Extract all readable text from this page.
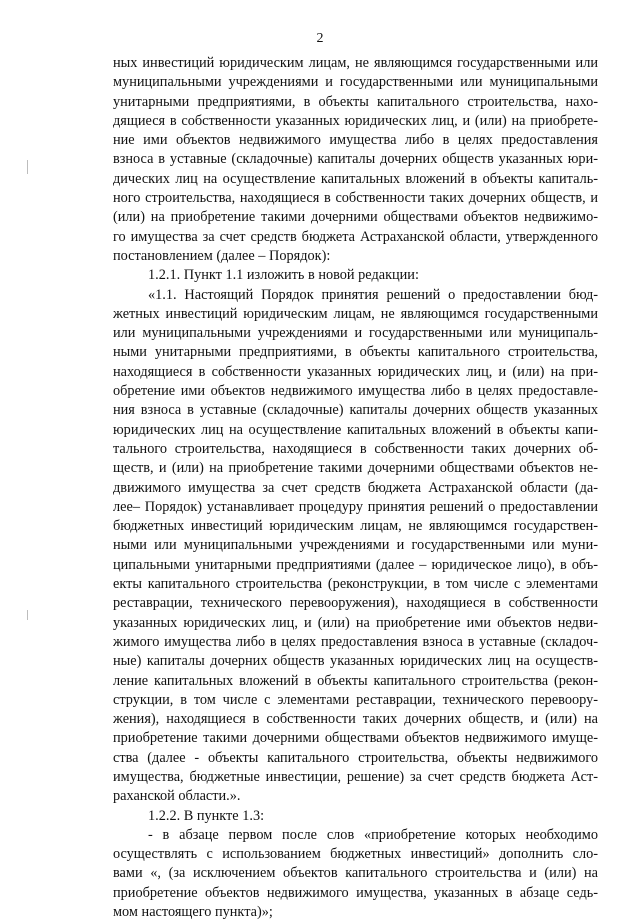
2
ных инвестиций юридическим лицам, не являющимся государственными или
муниципальными учреждениями и государственными или муниципальными
унитарными предприятиями, в объекты капитального строительства, нахо-
дящиеся в собственности указанных юридических лиц, и (или) на приобрете-
ние ими объектов недвижимого имущества либо в целях предоставления
взноса в уставные (складочные) капиталы дочерних обществ указанных юри-
дических лиц на осуществление капитальных вложений в объекты капиталь-
ного строительства, находящиеся в собственности таких дочерних обществ, и
(или) на приобретение такими дочерними обществами объектов недвижимо-
го имущества за счет средств бюджета Астраханской области, утвержденного
постановлением (далее – Порядок):
1.2.1. Пункт 1.1 изложить в новой редакции:
«1.1. Настоящий Порядок принятия решений о предоставлении бюд-
жетных инвестиций юридическим лицам, не являющимся государственными
или муниципальными учреждениями и государственными или муниципаль-
ными унитарными предприятиями, в объекты капитального строительства,
находящиеся в собственности указанных юридических лиц, и (или) на при-
обретение ими объектов недвижимого имущества либо в целях предоставле-
ния взноса в уставные (складочные) капиталы дочерних обществ указанных
юридических лиц на осуществление капитальных вложений в объекты капи-
тального строительства, находящиеся в собственности таких дочерних об-
ществ, и (или) на приобретение такими дочерними обществами объектов не-
движимого имущества за счет средств бюджета Астраханской области (да-
лее– Порядок) устанавливает процедуру принятия решений о предоставлении
бюджетных инвестиций юридическим лицам, не являющимся государствен-
ными или муниципальными учреждениями и государственными или муни-
ципальными унитарными предприятиями (далее – юридическое лицо), в объ-
екты капитального строительства (реконструкции, в том числе с элементами
реставрации, технического перевооружения), находящиеся в собственности
указанных юридических лиц, и (или) на приобретение ими объектов недви-
жимого имущества либо в целях предоставления взноса в уставные (складоч-
ные) капиталы дочерних обществ указанных юридических лиц на осуществ-
ление капитальных вложений в объекты капитального строительства (рекон-
струкции, в том числе с элементами реставрации, технического перевоору-
жения), находящиеся в собственности таких дочерних обществ, и (или) на
приобретение такими дочерними обществами объектов недвижимого имуще-
ства (далее - объекты капитального строительства, объекты недвижимого
имущества, бюджетные инвестиции, решение) за счет средств бюджета Аст-
раханской области.».
1.2.2. В пункте 1.3:
- в абзаце первом после слов «приобретение которых необходимо
осуществлять с использованием бюджетных инвестиций» дополнить сло-
вами «, (за исключением объектов капитального строительства и (или) на
приобретение объектов недвижимого имущества, указанных в абзаце седь-
мом настоящего пункта)»;
